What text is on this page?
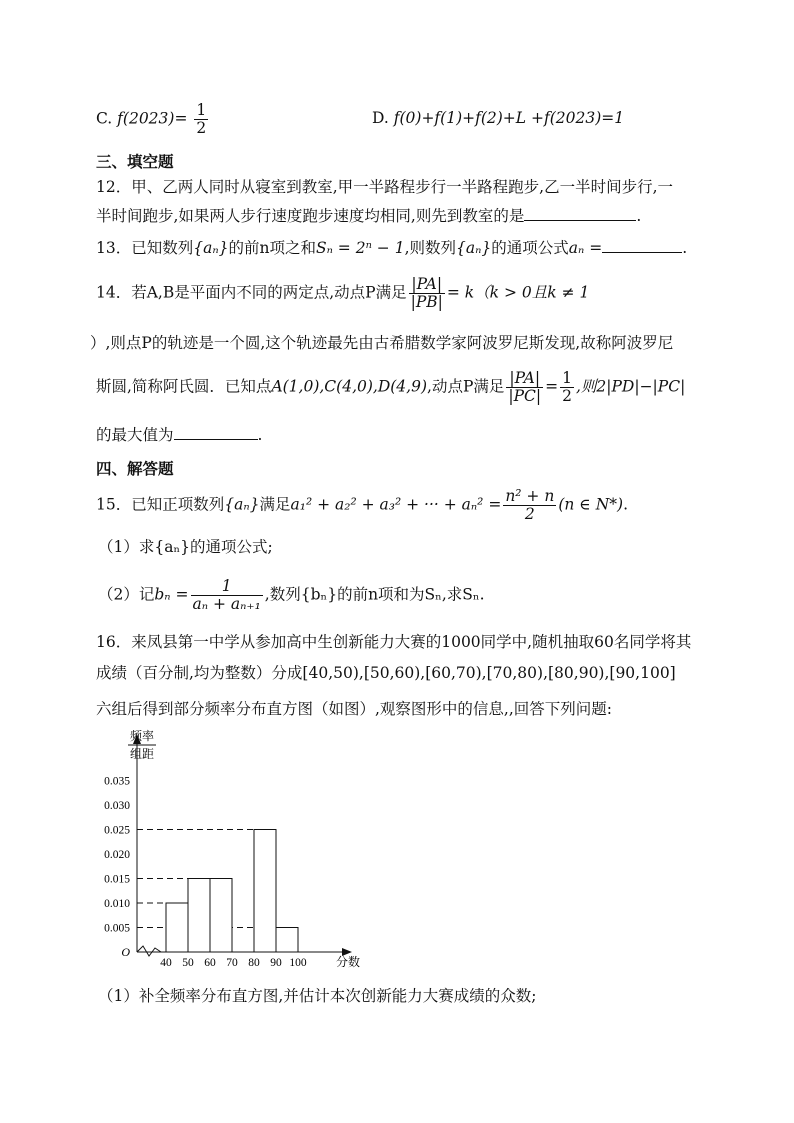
C. $f(2023)= \frac{1}{2}$	D. f(0)+f(1)+f(2)+L +f(2023)=1
三、填空题
12．甲、乙两人同时从寝室到教室,甲一半路程步行一半路程跑步,乙一半时间步行,一
半时间跑步,如果两人步行速度跑步速度均相同,则先到教室的是	.
13．已知数列{aₙ}的前n项之和Sₙ = 2ⁿ − 1,则数列{aₙ}的通项公式aₙ =	.
14．若A,B是平面内不同的两定点,动点P满足 $\frac{|PA|}{|PB|} = k(k > 0$且k ≠ 1
）,则点P的轨迹是一个圆,这个轨迹最先由古希腊数学家阿波罗尼斯发现,故称阿波罗尼
斯圆,简称阿氏圆．已知点A(1,0),C(4,0),D(4,9),动点P满足 $\frac{|PA|}{|PC|} = \frac{1}{2}$ ,则2|PD|−|PC|
的最大值为	.
四、解答题
15．已知正项数列{aₙ}满足a₁² + a₂² + a₃² + ··· + $a_n^2 = \frac{\text{n² + n}}{2} (n$ ∈ N*).
（1）求{aₙ}的通项公式;
（2）记$b_n = \frac{1}{\text{aₙ + aₙ₊₁}}$ ,数列{bₙ}的前n项和为Sₙ,求Sₙ.
16．来凤县第一中学从参加高中生创新能力大赛的1000同学中,随机抽取60名同学将其
成绩（百分制,均为整数）分成[40,50),[50,60),[60,70),[70,80),[80,90),[90,100]
六组后得到部分频率分布直方图（如图）,观察图形中的信息,,回答下列问题:
频率
组距
0.005
0.010
0.015
0.020
0.025
0.030
0.035
O
40 50 60 70 80 90 100 分数
（1）补全频率分布直方图,并估计本次创新能力大赛成绩的众数;
